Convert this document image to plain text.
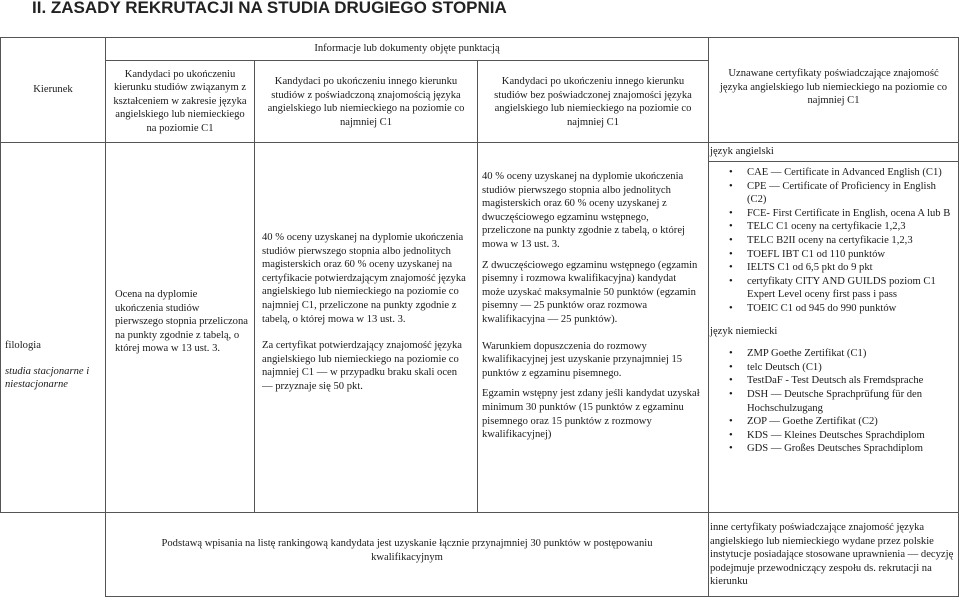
II. ZASADY REKRUTACJI NA STUDIA DRUGIEGO STOPNIA
Kierunek
Informacje lub dokumenty objęte punktacją
Kandydaci po ukończeniu kierunku studiów związanym z kształceniem w zakresie języka angielskiego lub niemieckiego na poziomie C1
Kandydaci po ukończeniu innego kierunku studiów z poświadczoną znajomością języka angielskiego lub niemieckiego na poziomie co najmniej C1
Kandydaci po ukończeniu innego kierunku studiów bez poświadczonej znajomości języka angielskiego lub niemieckiego na poziomie co najmniej C1
Uznawane certyfikaty poświadczające znajomość języka angielskiego lub niemieckiego na poziomie co najmniej C1
język angielski
filologia
studia stacjonarne i niestacjonarne
Ocena na dyplomie ukończenia studiów pierwszego stopnia przeliczona na punkty zgodnie z tabelą, o której mowa w 13 ust. 3.

40 % oceny uzyskanej na dyplomie ukończenia studiów pierwszego stopnia albo jednolitych magisterskich oraz 60 % oceny uzyskanej na certyfikacie potwierdzającym znajomość języka angielskiego lub niemieckiego na poziomie co najmniej C1, przeliczone na punkty zgodnie z tabelą, o której mowa w 13 ust. 3.

Za certyfikat potwierdzający znajomość języka angielskiego lub niemieckiego na poziomie co najmniej C1 — w przypadku braku skali ocen — przyznaje się 50 pkt.

40 % oceny uzyskanej na dyplomie ukończenia studiów pierwszego stopnia albo jednolitych magisterskich oraz 60 % oceny uzyskanej z dwuczęściowego egzaminu wstępnego, przeliczone na punkty zgodnie z tabelą, o której mowa w 13 ust. 3.

Z dwuczęściowego egzaminu wstępnego (egzamin pisemny i rozmowa kwalifikacyjna) kandydat może uzyskać maksymalnie 50 punktów (egzamin pisemny — 25 punktów oraz rozmowa kwalifikacyjna — 25 punktów).

Warunkiem dopuszczenia do rozmowy kwalifikacyjnej jest uzyskanie przynajmniej 15 punktów z egzaminu pisemnego.

Egzamin wstępny jest zdany jeśli kandydat uzyskał minimum 30 punktów (15 punktów z egzaminu pisemnego oraz 15 punktów z rozmowy kwalifikacyjnej)

• CAE — Certificate in Advanced English (C1)
• CPE — Certificate of Proficiency in English (C2)
• FCE- First Certificate in English, ocena A lub B
• TELC C1 oceny na certyfikacie 1,2,3
• TELC B2II oceny na certyfikacie 1,2,3
• TOEFL IBT C1 od 110 punktów
• IELTS C1 od 6,5 pkt do 9 pkt
• certyfikaty CITY AND GUILDS poziom C1 Expert Level oceny first pass i pass
• TOEIC C1 od 945 do 990 punktów
język niemiecki
• ZMP Goethe Zertifikat (C1)
• telc Deutsch (C1)
• TestDaF - Test Deutsch als Fremdsprache
• DSH — Deutsche Sprachprüfung für den Hochschulzugang
• ZOP — Goethe Zertifikat (C2)
• KDS — Kleines Deutsches Sprachdiplom
• GDS — Großes Deutsches Sprachdiplom
Podstawą wpisania na listę rankingową kandydata jest uzyskanie łącznie przynajmniej 30 punktów w postępowaniu kwalifikacyjnym
inne certyfikaty poświadczające znajomość języka angielskiego lub niemieckiego wydane przez polskie instytucje posiadające stosowane uprawnienia — decyzję podejmuje przewodniczący zespołu ds. rekrutacji na kierunku
